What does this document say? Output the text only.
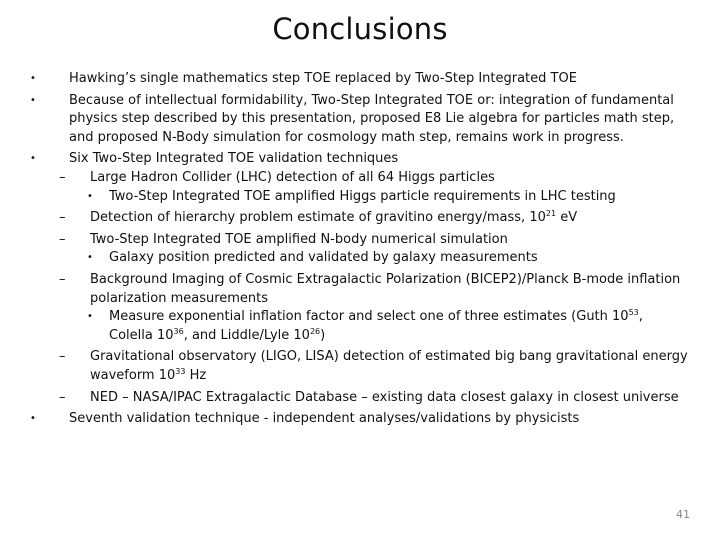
Conclusions
•	Hawking’s single mathematics step TOE replaced by Two-Step Integrated TOE
•	Because of intellectual formidability, Two-Step Integrated TOE or: integration of fundamental physics step described by this presentation, proposed E8 Lie algebra for particles math step, and proposed N-Body simulation for cosmology math step, remains work in progress.
•	Six Two-Step Integrated TOE validation techniques
– Large Hadron Collider (LHC) detection of all 64 Higgs particles
• Two-Step Integrated TOE amplified Higgs particle requirements in LHC testing
– Detection of hierarchy problem estimate of gravitino energy/mass, $10^{21}$ eV
– Two-Step Integrated TOE amplified N-body numerical simulation
• Galaxy position predicted and validated by galaxy measurements
– Background Imaging of Cosmic Extragalactic Polarization (BICEP2)/Planck B-mode inflation polarization measurements
• Measure exponential inflation factor and select one of three estimates (Guth $10^{53}$, Colella $10^{36}$, and Liddle/Lyle $10^{26}$)
– Gravitational observatory (LIGO, LISA) detection of estimated big bang gravitational energy waveform $10^{33}$ Hz
– NED – NASA/IPAC Extragalactic Database – existing data closest galaxy in closest universe
•	Seventh validation technique - independent analyses/validations by physicists
41
